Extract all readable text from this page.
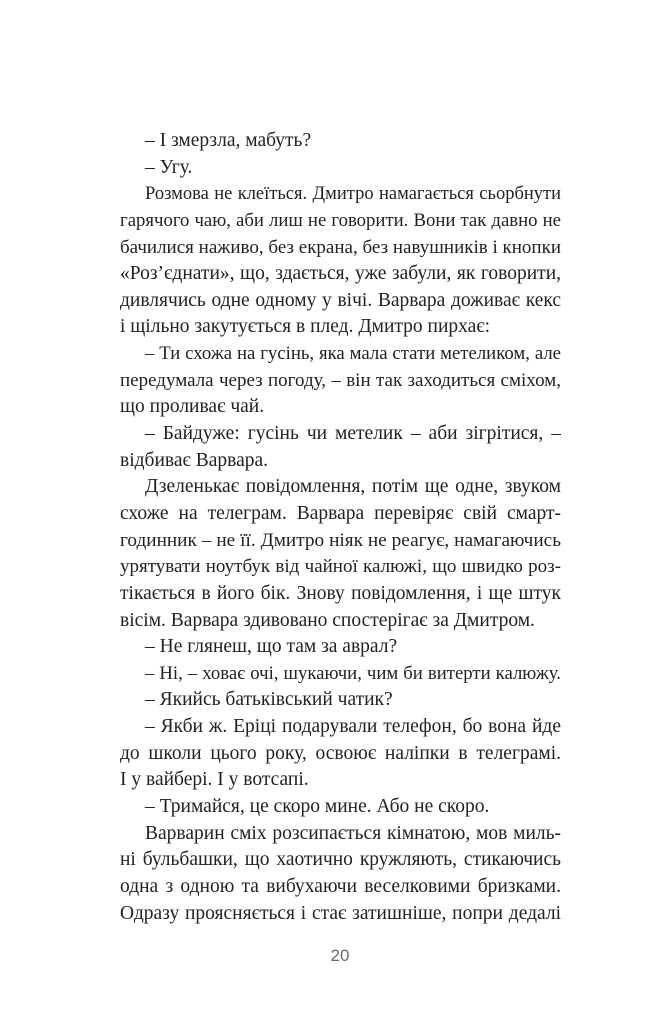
– І змерзла, мабуть?
– Угу.
Розмова не клеїться. Дмитро намагається сьорбнути
гарячого чаю, аби лиш не говорити. Вони так давно не
бачилися наживо, без екрана, без навушників і кнопки
«Роз’єднати», що, здається, уже забули, як говорити,
дивлячись одне одному у вічі. Варвара доживає кекс
і щільно закутується в плед. Дмитро пирхає:
– Ти схожа на гусінь, яка мала стати метеликом, але
передумала через погоду, – він так заходиться сміхом,
що проливає чай.
– Байдуже: гусінь чи метелик – аби зігрітися, –
відбиває Варвара.
Дзеленькає повідомлення, потім ще одне, звуком
схоже на телеграм. Варвара перевіряє свій смарт-
годинник – не її. Дмитро ніяк не реагує, намагаючись
урятувати ноутбук від чайної калюжі, що швидко роз-
тікається в його бік. Знову повідомлення, і ще штук
вісім. Варвара здивовано спостерігає за Дмитром.
– Не глянеш, що там за аврал?
– Ні, – ховає очі, шукаючи, чим би витерти калюжу.
– Якийсь батьківський чатик?
– Якби ж. Еріці подарували телефон, бо вона йде
до школи цього року, освоює наліпки в телеграмі.
І у вайбері. І у вотсапі.
– Тримайся, це скоро мине. Або не скоро.
Варварин сміх розсипається кімнатою, мов миль-
ні бульбашки, що хаотично кружляють, стикаючись
одна з одною та вибухаючи веселковими бризками.
Одразу проясняється і стає затишніше, попри дедалі
20
